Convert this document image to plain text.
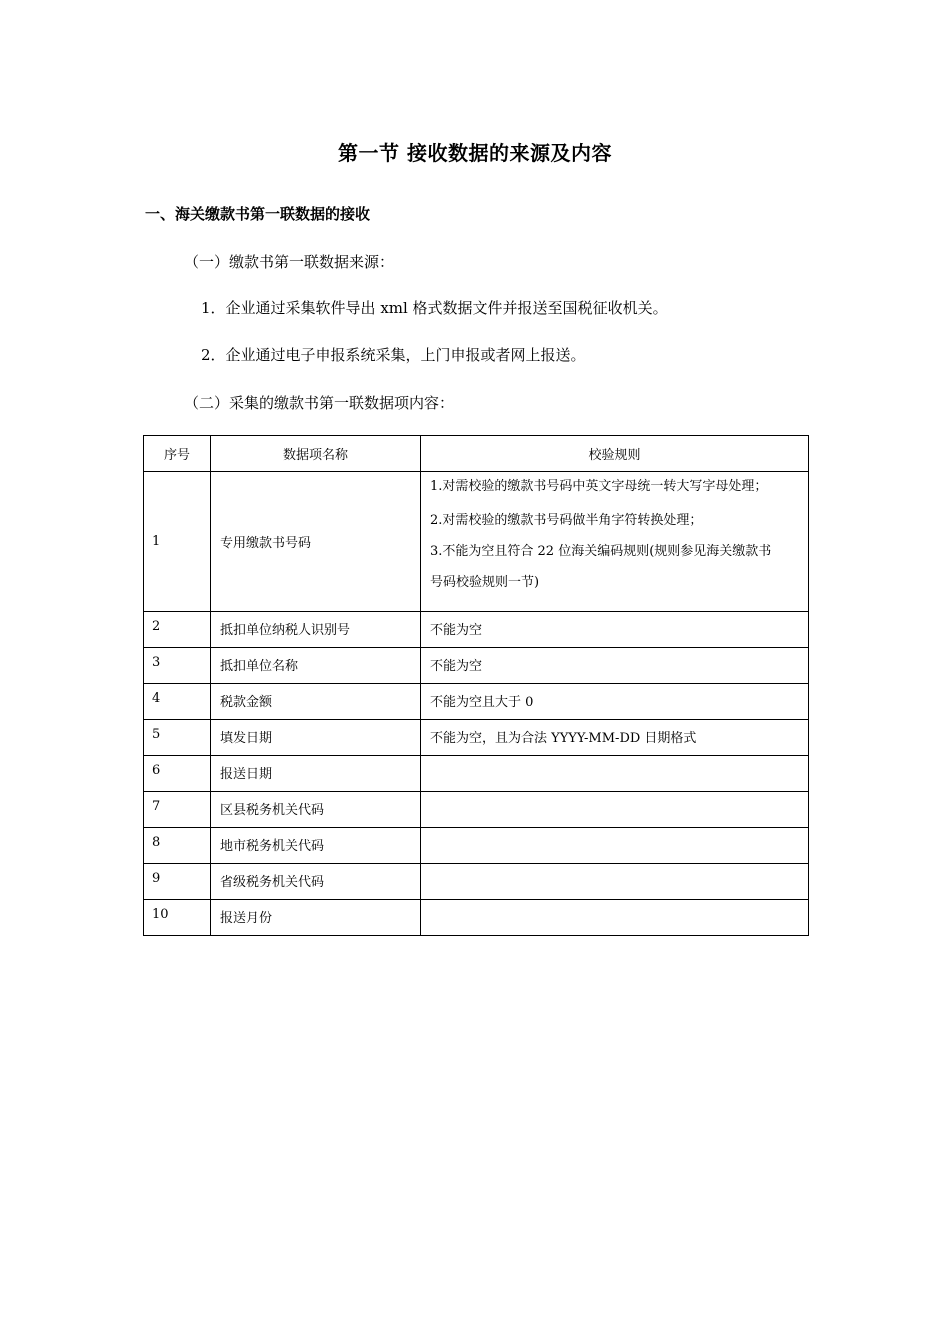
第一节 接收数据的来源及内容
一、海关缴款书第一联数据的接收
（一）缴款书第一联数据来源：
1．企业通过采集软件导出 xml 格式数据文件并报送至国税征收机关。
2．企业通过电子申报系统采集，上门申报或者网上报送。
（二）采集的缴款书第一联数据项内容：
序号	数据项名称	校验规则
1	专用缴款书号码	1.对需校验的缴款书号码中英文字母统一转大写字母处理；
2.对需校验的缴款书号码做半角字符转换处理；
3.不能为空且符合 22 位海关编码规则(规则参见海关缴款书
号码校验规则一节)

2	抵扣单位纳税人识别号	不能为空
3	抵扣单位名称	不能为空
4	税款金额	不能为空且大于 0
5	填发日期	不能为空，且为合法 YYYY-MM-DD 日期格式
6	报送日期	
7	区县税务机关代码	
8	地市税务机关代码	
9	省级税务机关代码	
10	报送月份	
